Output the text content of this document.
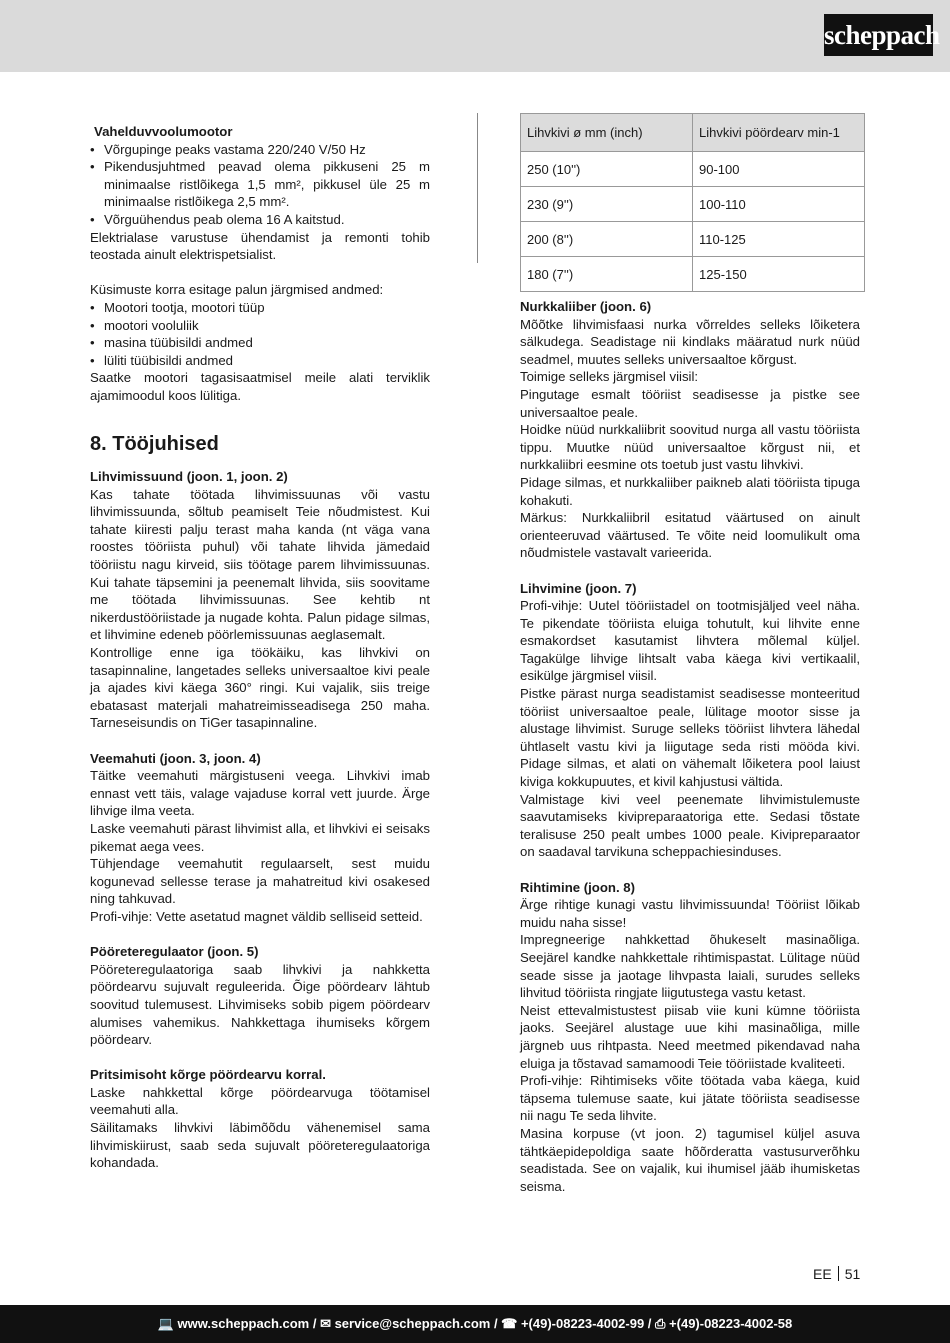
scheppach

Vahelduvvoolumootor

• Võrgupinge peaks vastama 220/240 V/50 Hz
• Pikendusjuhtmed peavad olema pikkuseni 25 m minimaalse ristlõikega 1,5 mm², pikkusel üle 25 m minimaalse ristlõikega 2,5 mm².
• Võrguühendus peab olema 16 A kaitstud.

Elektrialase varustuse ühendamist ja remonti tohib teostada ainult elektrispetsialist.

Küsimuste korra esitage palun järgmised andmed:

• Mootori tootja, mootori tüüp
• mootori vooluliik
• masina tüübisildi andmed
• lüliti tüübisildi andmed

Saatke mootori tagasisaatmisel meile alati terviklik ajamimoodul koos lülitiga.

8. Tööjuhised

Lihvimissuund (joon. 1, joon. 2)

Kas tahate töötada lihvimissuunas või vastu lihvimissuunda, sõltub peamiselt Teie nõudmistest. Kui tahate kiiresti palju terast maha kanda (nt väga vana roostes tööriista puhul) või tahate lihvida jämedaid tööriistu nagu kirveid, siis töötage parem lihvimissuunas. Kui tahate täpsemini ja peenemalt lihvida, siis soovitame me töötada lihvimissuunas. See kehtib nt nikerdustööriistade ja nugade kohta. Palun pidage silmas, et lihvimine edeneb pöörlemissuunas aeglasemalt.

Kontrollige enne iga töökäiku, kas lihvkivi on tasapinnaline, langetades selleks universaaltoe kivi peale ja ajades kivi käega 360° ringi. Kui vajalik, siis treige ebatasast materjali mahatreimisseadisega 250 maha. Tarneseisundis on TiGer tasapinnaline.

Veemahuti (joon. 3, joon. 4)

Täitke veemahuti märgistuseni veega. Lihvkivi imab ennast vett täis, valage vajaduse korral vett juurde. Ärge lihvige ilma veeta.

Laske veemahuti pärast lihvimist alla, et lihvkivi ei seisaks pikemat aega vees.

Tühjendage veemahutit regulaarselt, sest muidu kogunevad sellesse terase ja mahatreitud kivi osakesed ning tahkuvad.

Profi-vihje: Vette asetatud magnet väldib selliseid setteid.

Pööreteregulaator (joon. 5)

Pööreteregulaatoriga saab lihvkivi ja nahkketta pöördearvu sujuvalt reguleerida. Õige pöördearv lähtub soovitud tulemusest. Lihvimiseks sobib pigem pöördearv alumises vahemikus. Nahkkettaga ihumiseks kõrgem pöördearv.

Pritsimisoht kõrge pöördearvu korral.

Laske nahkkettal kõrge pöördearvuga töötamisel veemahuti alla.

Säilitamaks lihvkivi läbimõõdu vähenemisel sama lihvimiskiirust, saab seda sujuvalt pööreteregulaatoriga kohandada.

Lihvkivi ø mm (inch)	Lihvkivi pöördearv min-1
250 (10'')	90-100
230 (9'')	100-110
200 (8'')	110-125
180 (7'')	125-150

Nurkkaliiber (joon. 6)

Mõõtke lihvimisfaasi nurka võrreldes selleks lõiketera sälkudega. Seadistage nii kindlaks määratud nurk nüüd seadmel, muutes selleks universaaltoe kõrgust.

Toimige selleks järgmisel viisil:

Pingutage esmalt tööriist seadisesse ja pistke see universaaltoe peale.

Hoidke nüüd nurkkaliibrit soovitud nurga all vastu tööriista tippu. Muutke nüüd universaaltoe kõrgust nii, et nurkkaliibri eesmine ots toetub just vastu lihvkivi.

Pidage silmas, et nurkkaliiber paikneb alati tööriista tipuga kohakuti.

Märkus: Nurkkaliibril esitatud väärtused on ainult orienteeruvad väärtused. Te võite neid loomulikult oma nõudmistele vastavalt varieerida.

Lihvimine (joon. 7)

Profi-vihje: Uutel tööriistadel on tootmisjäljed veel näha. Te pikendate tööriista eluiga tohutult, kui lihvite enne esmakordset kasutamist lihvtera mõlemal küljel. Tagakülge lihvige lihtsalt vaba käega kivi vertikaalil, esikülge järgmisel viisil.

Pistke pärast nurga seadistamist seadisesse monteeritud tööriist universaaltoe peale, lülitage mootor sisse ja alustage lihvimist. Suruge selleks tööriist lihvtera lähedal ühtlaselt vastu kivi ja liigutage seda risti mööda kivi. Pidage silmas, et alati on vähemalt lõiketera pool laiust kiviga kokkupuutes, et kivil kahjustusi vältida.

Valmistage kivi veel peenemate lihvimistulemuste saavutamiseks kivipreparaatoriga ette. Sedasi tõstate teralisuse 250 pealt umbes 1000 peale. Kivipreparaator on saadaval tarvikuna scheppachiesinduses.

Rihtimine (joon. 8)

Ärge rihtige kunagi vastu lihvimissuunda! Tööriist lõikab muidu naha sisse!

Impregneerige nahkkettad õhukeselt masinaõliga. Seejärel kandke nahkkettale rihtimispastat. Lülitage nüüd seade sisse ja jaotage lihvpasta laiali, surudes selleks lihvitud tööriista ringjate liigutustega vastu ketast.

Neist ettevalmistustest piisab viie kuni kümne tööriista jaoks. Seejärel alustage uue kihi masinaõliga, mille järgneb uus rihtpasta. Need meetmed pikendavad naha eluiga ja tõstavad samamoodi Teie tööriistade kvaliteeti.

Profi-vihje: Rihtimiseks võite töötada vaba käega, kuid täpsema tulemuse saate, kui jätate tööriista seadisesse nii nagu Te seda lihvite.

Masina korpuse (vt joon. 2) tagumisel küljel asuva tähtkäepidepoldiga saate hõõrderatta vastusurverõhku seadistada. See on vajalik, kui ihumisel jääb ihumisketas seisma.

EE 51
💻 www.scheppach.com / ✉ service@scheppach.com / ☎ +(49)-08223-4002-99 / ⎙ +(49)-08223-4002-58
